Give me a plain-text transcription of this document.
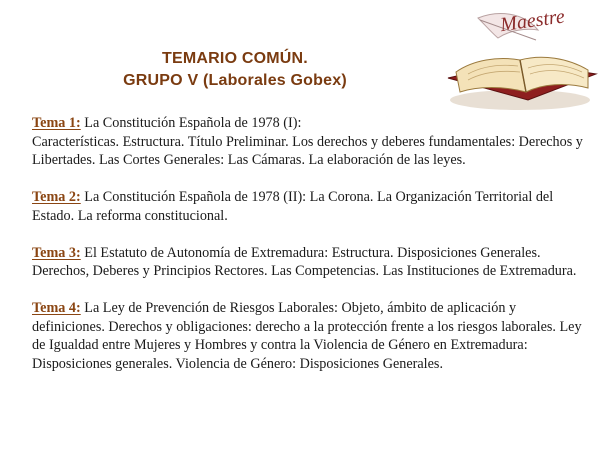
TEMARIO COMÚN.
GRUPO V (Laborales Gobex)
Maestre
Tema 1: La Constitución Española de 1978 (I):
Características. Estructura. Título Preliminar. Los derechos y deberes fundamentales: Derechos y Libertades. Las Cortes Generales: Las Cámaras. La elaboración de las leyes.
Tema 2: La Constitución Española de 1978 (II): La Corona. La Organización Territorial del Estado. La reforma constitucional.
Tema 3: El Estatuto de Autonomía de Extremadura: Estructura. Disposiciones Generales. Derechos, Deberes y Principios Rectores. Las Competencias. Las Instituciones de Extremadura.
Tema 4: La Ley de Prevención de Riesgos Laborales: Objeto, ámbito de aplicación y definiciones. Derechos y obligaciones: derecho a la protección frente a los riesgos laborales. Ley de Igualdad entre Mujeres y Hombres y contra la Violencia de Género en Extremadura: Disposiciones generales. Violencia de Género: Disposiciones Generales.
